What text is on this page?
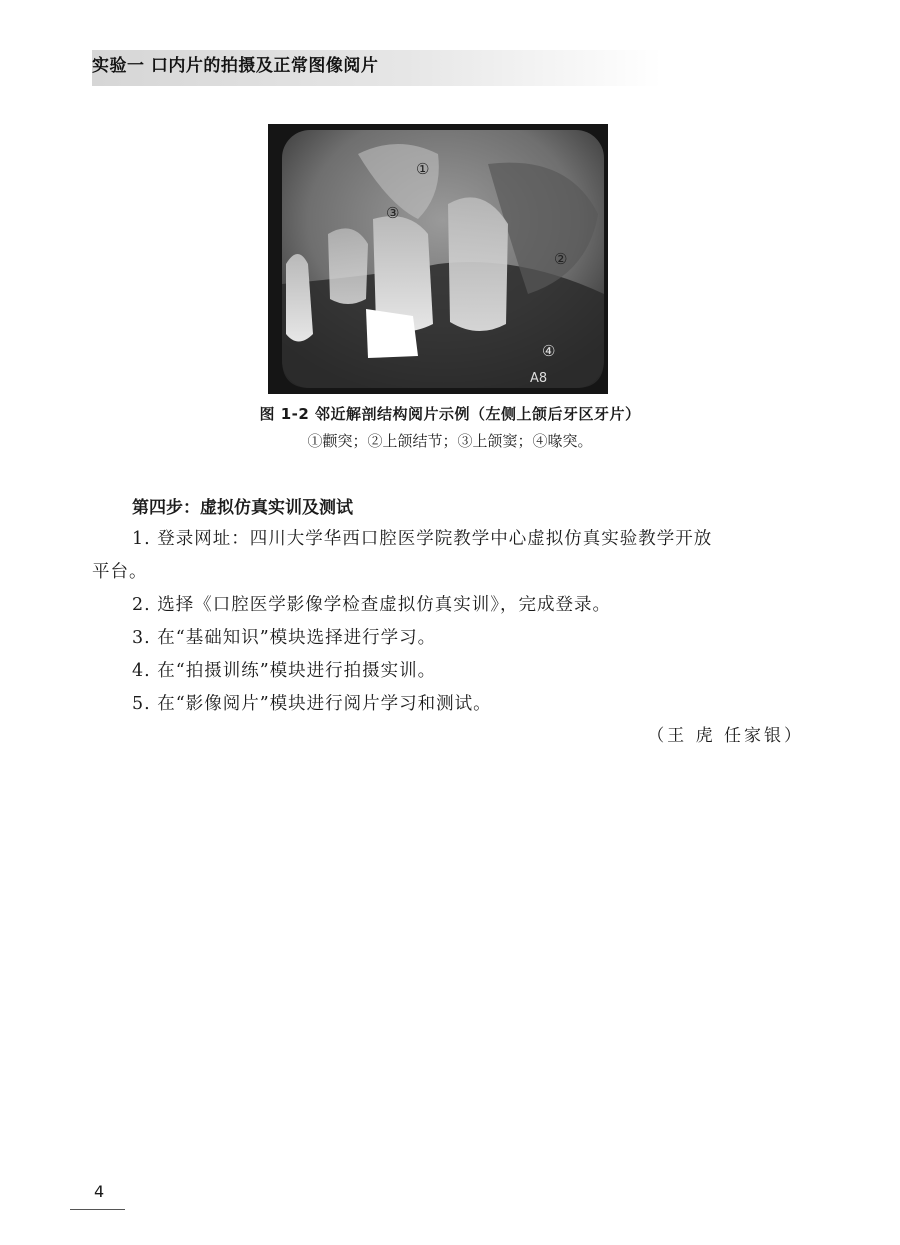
实验一 口内片的拍摄及正常图像阅片
①
②
③
④
A8
图 1-2 邻近解剖结构阅片示例（左侧上颌后牙区牙片）
①颧突；②上颌结节；③上颌窦；④喙突。
第四步：虚拟仿真实训及测试
1. 登录网址：四川大学华西口腔医学院教学中心虚拟仿真实验教学开放
平台。
2. 选择《口腔医学影像学检查虚拟仿真实训》，完成登录。
3. 在“基础知识”模块选择进行学习。
4. 在“拍摄训练”模块进行拍摄实训。
5. 在“影像阅片”模块进行阅片学习和测试。
（王 虎 任家银）
4
